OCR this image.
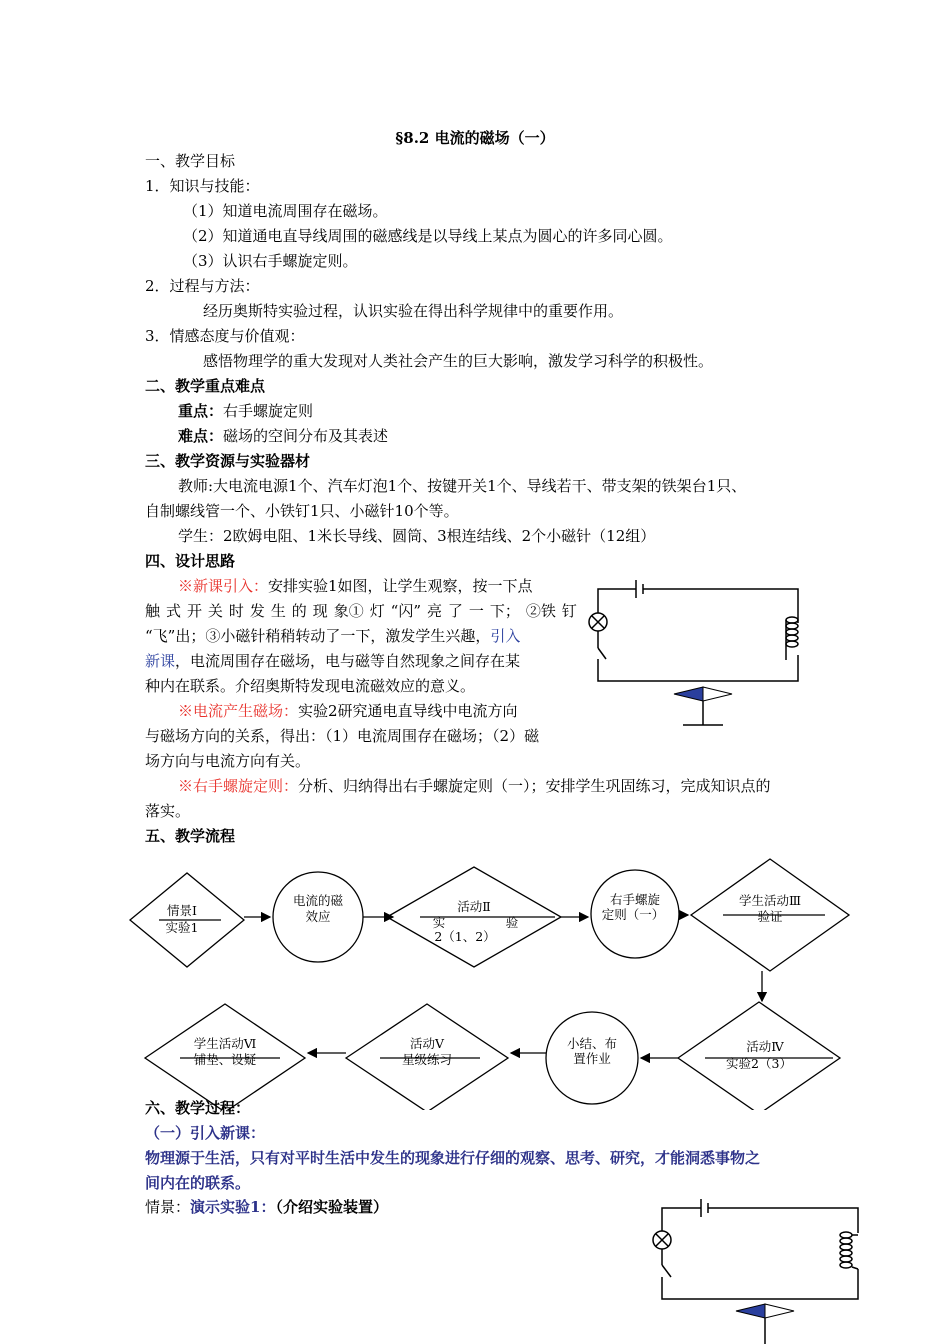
§8.2 电流的磁场（一）
一、教学目标
1．知识与技能：
（1）知道电流周围存在磁场。
（2）知道通电直导线周围的磁感线是以导线上某点为圆心的许多同心圆。
（3）认识右手螺旋定则。
2．过程与方法：
经历奥斯特实验过程，认识实验在得出科学规律中的重要作用。
3．情感态度与价值观：
感悟物理学的重大发现对人类社会产生的巨大影响，激发学习科学的积极性。
二、教学重点难点
重点：右手螺旋定则
难点：磁场的空间分布及其表述
三、教学资源与实验器材
教师:大电流电源1个、汽车灯泡1个、按键开关1个、导线若干、带支架的铁架台1只、
自制螺线管一个、小铁钉1只、小磁针10个等。
学生：2欧姆电阻、1米长导线、圆筒、3根连结线、2个小磁针（12组）
四、设计思路
※新课引入：安排实验1如图，让学生观察，按一下点
触 式 开 关 时 发 生 的 现 象① 灯 “闪” 亮 了 一 下； ②铁 钉
“飞”出；③小磁针稍稍转动了一下，激发学生兴趣，引入
新课，电流周围存在磁场，电与磁等自然现象之间存在某
种内在联系。介绍奥斯特发现电流磁效应的意义。
※电流产生磁场：实验2研究通电直导线中电流方向
与磁场方向的关系，得出：（1）电流周围存在磁场；（2）磁
场方向与电流方向有关。
※右手螺旋定则：分析、归纳得出右手螺旋定则（一）；安排学生巩固练习，完成知识点的
落实。
五、教学流程
情景Ⅰ
实验1
电流的磁
效应
活动Ⅱ
实	验
2（1、2）
右手螺旋
定则（一）
学生活动Ⅲ
验证
活动Ⅳ
实验2（3）
小结、布
置作业
活动Ⅴ
星级练习
学生活动Ⅵ
铺垫、设疑
六、教学过程：
（一）引入新课：
物理源于生活，只有对平时生活中发生的现象进行仔细的观察、思考、研究，才能洞悉事物之
间内在的联系。
情景：演示实验1：（介绍实验装置）
